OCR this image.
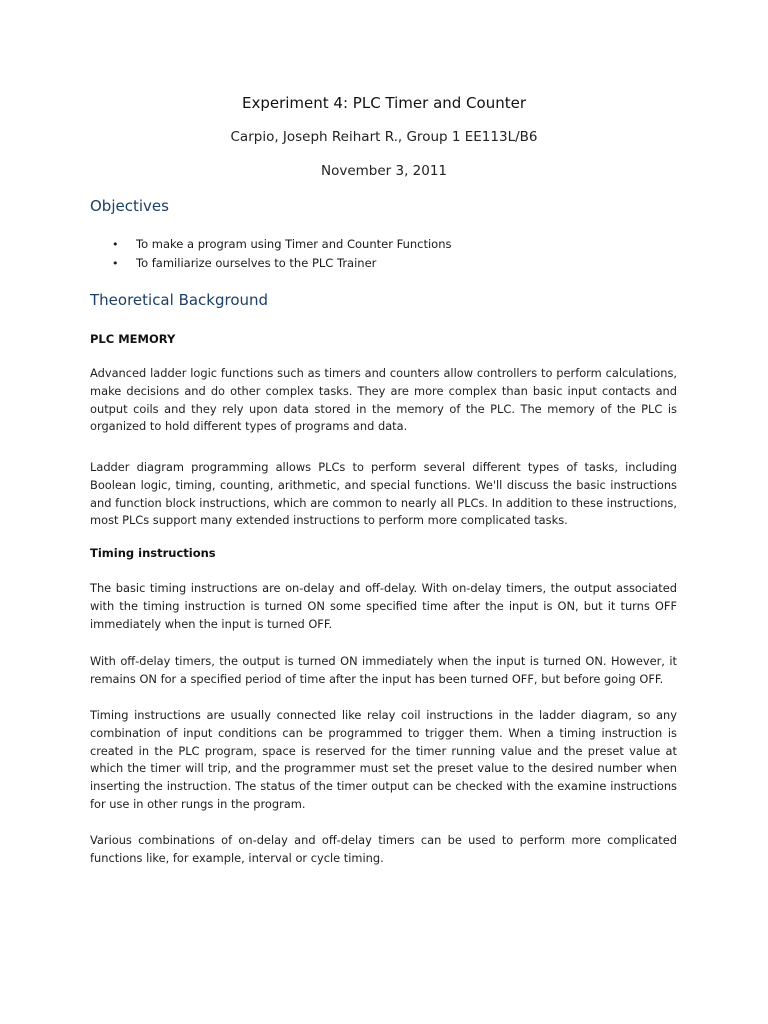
Experiment 4: PLC Timer and Counter
Carpio, Joseph Reihart R., Group 1 EE113L/B6
November 3, 2011
Objectives
• To make a program using Timer and Counter Functions
• To familiarize ourselves to the PLC Trainer
Theoretical Background
PLC MEMORY

Advanced ladder logic functions such as timers and counters allow controllers to perform calculations, make decisions and do other complex tasks. They are more complex than basic input contacts and output coils and they rely upon data stored in the memory of the PLC. The memory of the PLC is organized to hold different types of programs and data.

Ladder diagram programming allows PLCs to perform several different types of tasks, including Boolean logic, timing, counting, arithmetic, and special functions. We'll discuss the basic instructions and function block instructions, which are common to nearly all PLCs. In addition to these instructions, most PLCs support many extended instructions to perform more complicated tasks.

Timing instructions

The basic timing instructions are on-delay and off-delay. With on-delay timers, the output associated with the timing instruction is turned ON some specified time after the input is ON, but it turns OFF immediately when the input is turned OFF.

With off-delay timers, the output is turned ON immediately when the input is turned ON. However, it remains ON for a specified period of time after the input has been turned OFF, but before going OFF.

Timing instructions are usually connected like relay coil instructions in the ladder diagram, so any combination of input conditions can be programmed to trigger them. When a timing instruction is created in the PLC program, space is reserved for the timer running value and the preset value at which the timer will trip, and the programmer must set the preset value to the desired number when inserting the instruction. The status of the timer output can be checked with the examine instructions for use in other rungs in the program.

Various combinations of on-delay and off-delay timers can be used to perform more complicated functions like, for example, interval or cycle timing.
